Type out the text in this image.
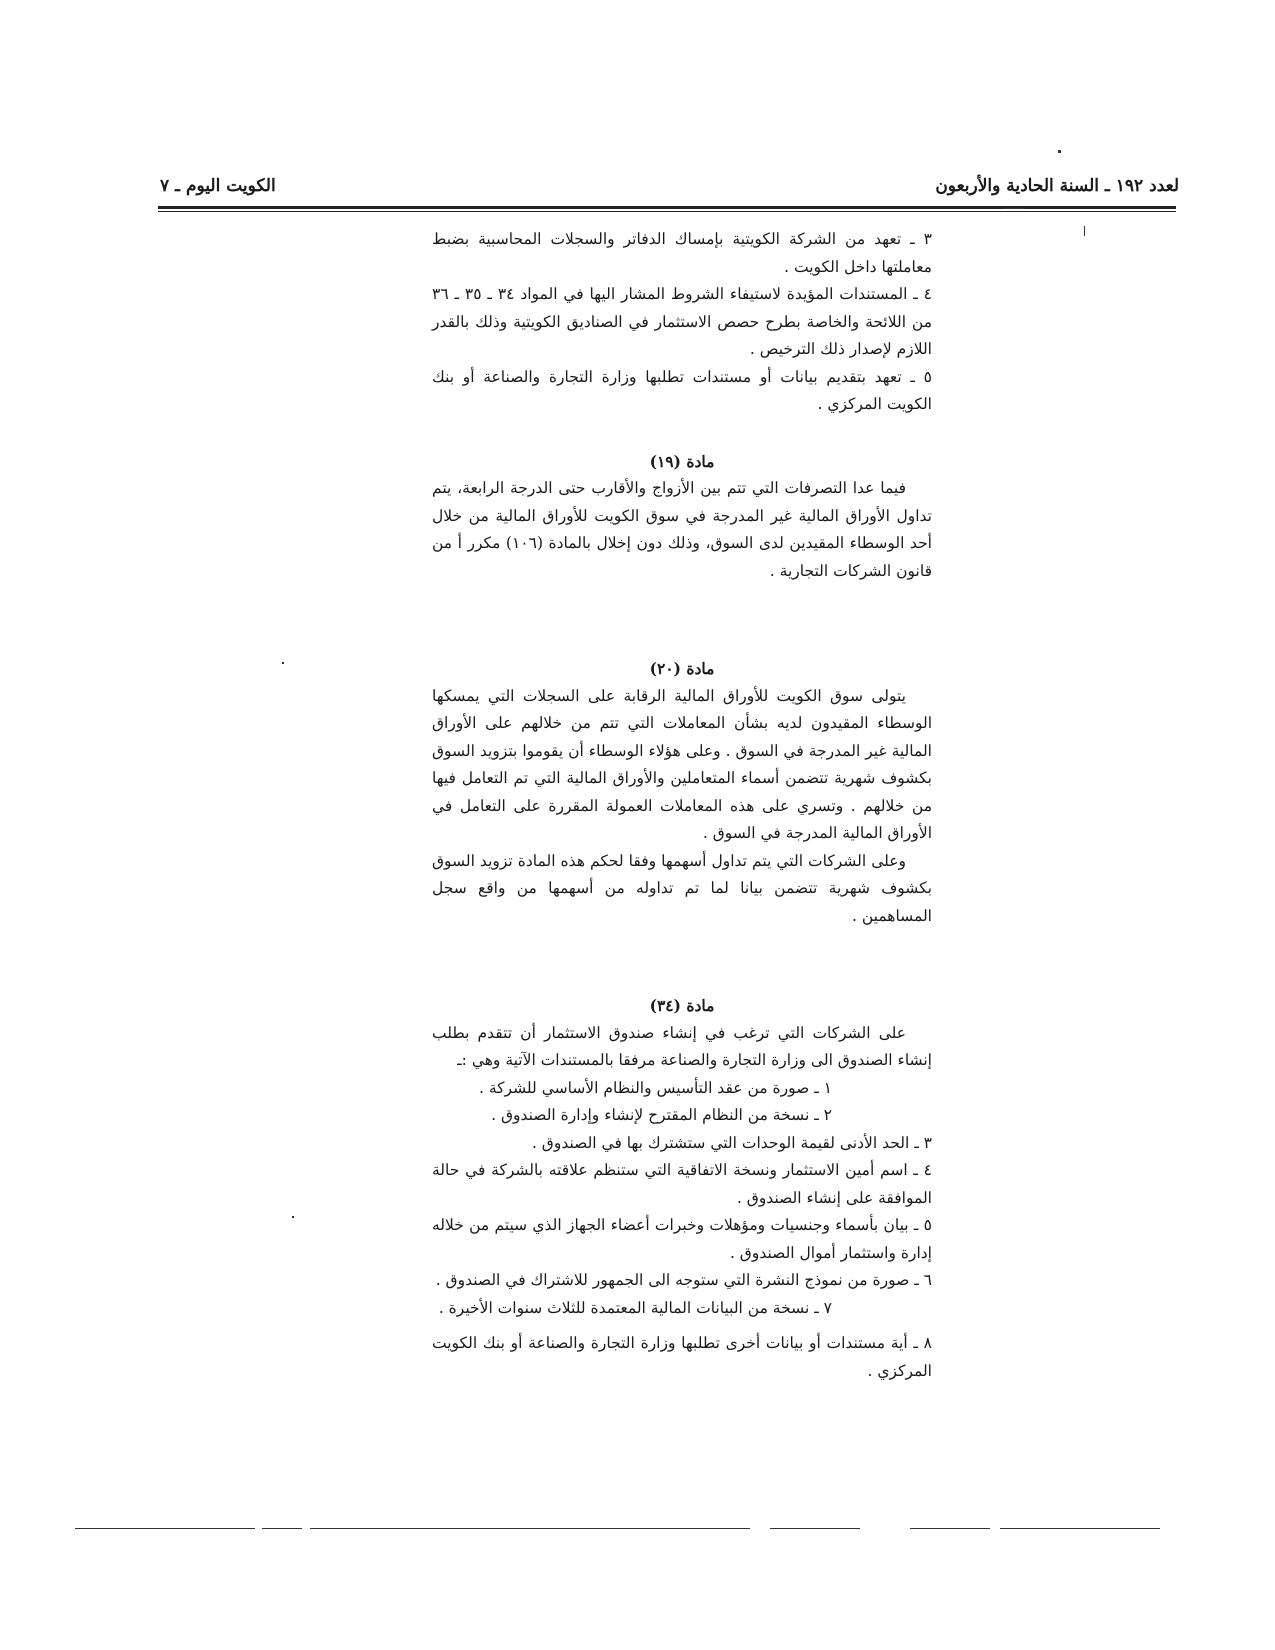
لعدد ١٩٢ ـ السنة الحادية والأربعون
الكويت اليوم ـ ٧

٣ ـ تعهد من الشركة الكويتية بإمساك الدفاتر والسجلات المحاسبية بضبط معاملتها داخل الكويت .

٤ ـ المستندات المؤيدة لاستيفاء الشروط المشار اليها في المواد ٣٤ ـ ٣٥ ـ ٣٦ من اللائحة والخاصة بطرح حصص الاستثمار في الصناديق الكويتية وذلك بالقدر اللازم لإصدار ذلك الترخيص .

٥ ـ تعهد بتقديم بيانات أو مستندات تطلبها وزارة التجارة والصناعة أو بنك الكويت المركزي .

مادة (١٩)

فيما عدا التصرفات التي تتم بين الأزواج والأقارب حتى الدرجة الرابعة، يتم تداول الأوراق المالية غير المدرجة في سوق الكويت للأوراق المالية من خلال أحد الوسطاء المقيدين لدى السوق، وذلك دون إخلال بالمادة (١٠٦) مكرر أ من قانون الشركات التجارية .

مادة (٢٠)

يتولى سوق الكويت للأوراق المالية الرقابة على السجلات التي يمسكها الوسطاء المقيدون لديه بشأن المعاملات التي تتم من خلالهم على الأوراق المالية غير المدرجة في السوق . وعلى هؤلاء الوسطاء أن يقوموا بتزويد السوق بكشوف شهرية تتضمن أسماء المتعاملين والأوراق المالية التي تم التعامل فيها من خلالهم . وتسري على هذه المعاملات العمولة المقررة على التعامل في الأوراق المالية المدرجة في السوق .

وعلى الشركات التي يتم تداول أسهمها وفقا لحكم هذه المادة تزويد السوق بكشوف شهرية تتضمن بيانا لما تم تداوله من أسهمها من واقع سجل المساهمين .

مادة (٣٤)

على الشركات التي ترغب في إنشاء صندوق الاستثمار أن تتقدم بطلب إنشاء الصندوق الى وزارة التجارة والصناعة مرفقا بالمستندات الآتية وهي :ـ

١ ـ صورة من عقد التأسيس والنظام الأساسي للشركة .

٢ ـ نسخة من النظام المقترح لإنشاء وإدارة الصندوق .

٣ ـ الحد الأدنى لقيمة الوحدات التي ستشترك بها في الصندوق .

٤ ـ اسم أمين الاستثمار ونسخة الاتفاقية التي ستنظم علاقته بالشركة في حالة الموافقة على إنشاء الصندوق .

٥ ـ بيان بأسماء وجنسيات ومؤهلات وخبرات أعضاء الجهاز الذي سيتم من خلاله إدارة واستثمار أموال الصندوق .

٦ ـ صورة من نموذج النشرة التي ستوجه الى الجمهور للاشتراك في الصندوق .

٧ ـ نسخة من البيانات المالية المعتمدة للثلاث سنوات الأخيرة .

٨ ـ أية مستندات أو بيانات أخرى تطلبها وزارة التجارة والصناعة أو بنك الكويت المركزي .
